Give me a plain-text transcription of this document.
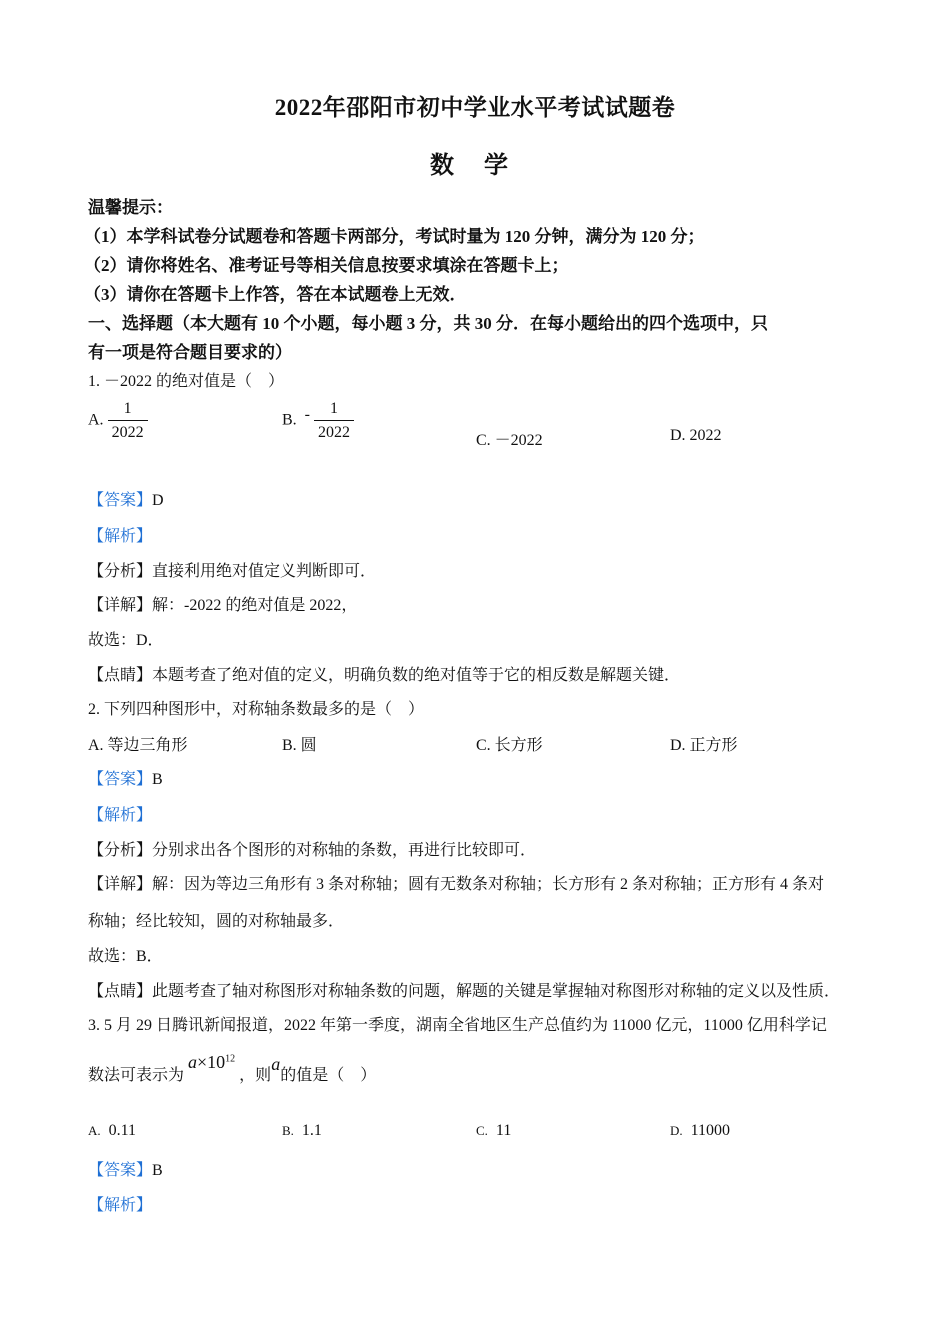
2022年邵阳市初中学业水平考试试题卷
数 学
温馨提示：
（1）本学科试卷分试题卷和答题卡两部分，考试时量为 120 分钟，满分为 120 分；
（2）请你将姓名、准考证号等相关信息按要求填涂在答题卡上；
（3）请你在答题卡上作答，答在本试题卷上无效．
一、选择题（本大题有 10 个小题，每小题 3 分，共 30 分．在每小题给出的四个选项中，只
有一项是符合题目要求的）
1. －2022 的绝对值是（　）
A. $\frac{1}{2022}$	B. - $\frac{1}{2022}$	C. －2022	D. 2022
【答案】D
【解析】
【分析】直接利用绝对值定义判断即可．
【详解】解：-2022 的绝对值是 2022，
故选：D．
【点睛】本题考查了绝对值的定义，明确负数的绝对值等于它的相反数是解题关键．
2. 下列四种图形中，对称轴条数最多的是（　）
A. 等边三角形	B. 圆	C. 长方形	D. 正方形
【答案】B
【解析】
【分析】分别求出各个图形的对称轴的条数，再进行比较即可．
【详解】解：因为等边三角形有 3 条对称轴；圆有无数条对称轴；长方形有 2 条对称轴；正方形有 4 条对
称轴；经比较知，圆的对称轴最多．
故选：B．
【点睛】此题考查了轴对称图形对称轴条数的问题，解题的关键是掌握轴对称图形对称轴的定义以及性质．
3. 5 月 29 日腾讯新闻报道，2022 年第一季度，湖南全省地区生产总值约为 11000 亿元，11000 亿用科学记
数法可表示为 $a\times 10^{12}$ ，则a的值是（　）
A. 0.11	B. 1.1	C. 11	D. 11000
【答案】B
【解析】
